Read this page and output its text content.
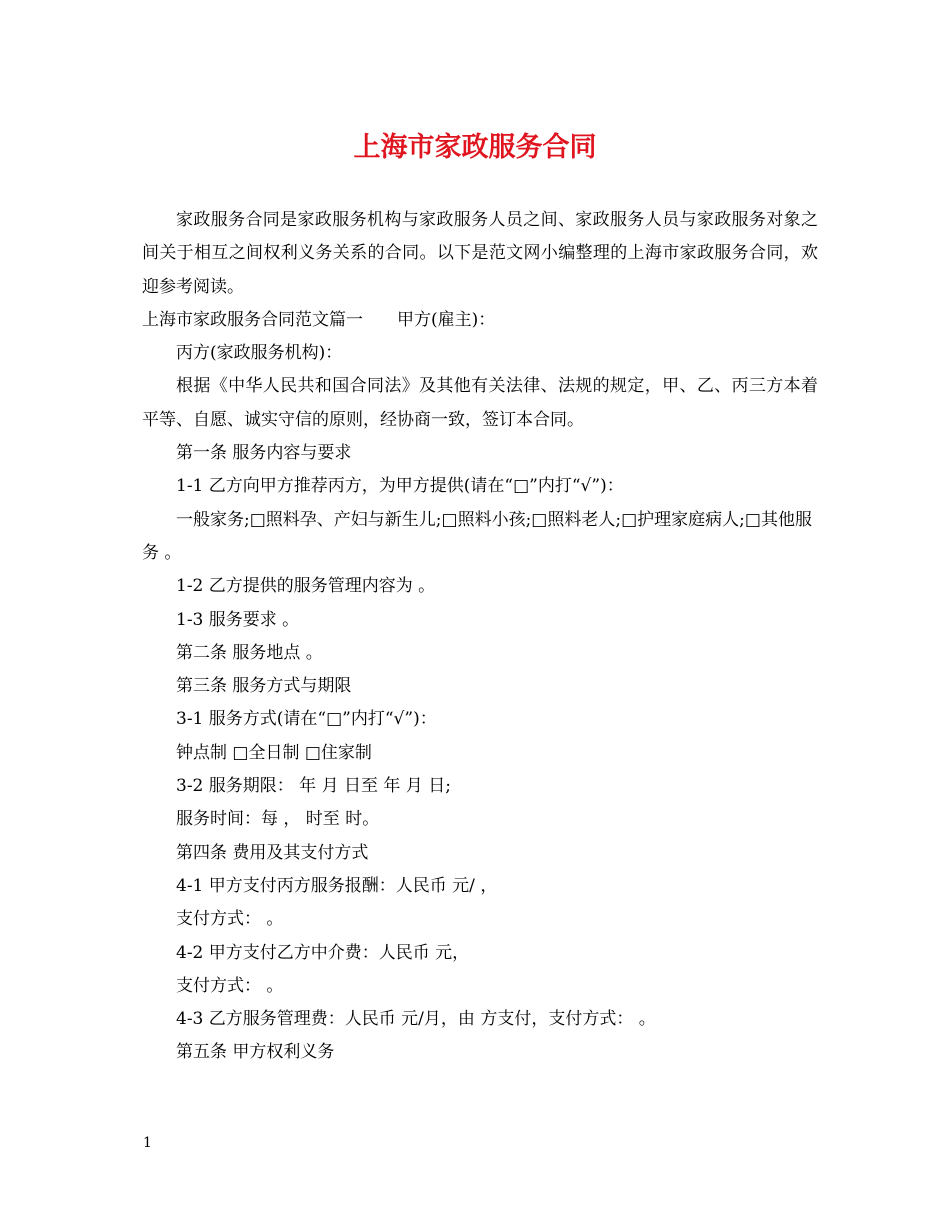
上海市家政服务合同

家政服务合同是家政服务机构与家政服务人员之间、家政服务人员与家政服务对象之间关于相互之间权利义务关系的合同。以下是范文网小编整理的上海市家政服务合同，欢迎参考阅读。

上海市家政服务合同范文篇一　　甲方(雇主)：

丙方(家政服务机构)：

根据《中华人民共和国合同法》及其他有关法律、法规的规定，甲、乙、丙三方本着平等、自愿、诚实守信的原则，经协商一致，签订本合同。

第一条 服务内容与要求

1-1 乙方向甲方推荐丙方，为甲方提供(请在“□”内打“√”)：

一般家务;□照料孕、产妇与新生儿;□照料小孩;□照料老人;□护理家庭病人;□其他服务 。

1-2 乙方提供的服务管理内容为 。

1-3 服务要求 。

第二条 服务地点 。

第三条 服务方式与期限

3-1 服务方式(请在“□”内打“√”)：

钟点制 □全日制 □住家制

3-2 服务期限： 年 月 日至 年 月 日;

服务时间：每 ， 时至 时。

第四条 费用及其支付方式

4-1 甲方支付丙方服务报酬：人民币 元/ ，

支付方式： 。

4-2 甲方支付乙方中介费：人民币 元，

支付方式： 。

4-3 乙方服务管理费：人民币 元/月，由 方支付，支付方式： 。

第五条 甲方权利义务

1
